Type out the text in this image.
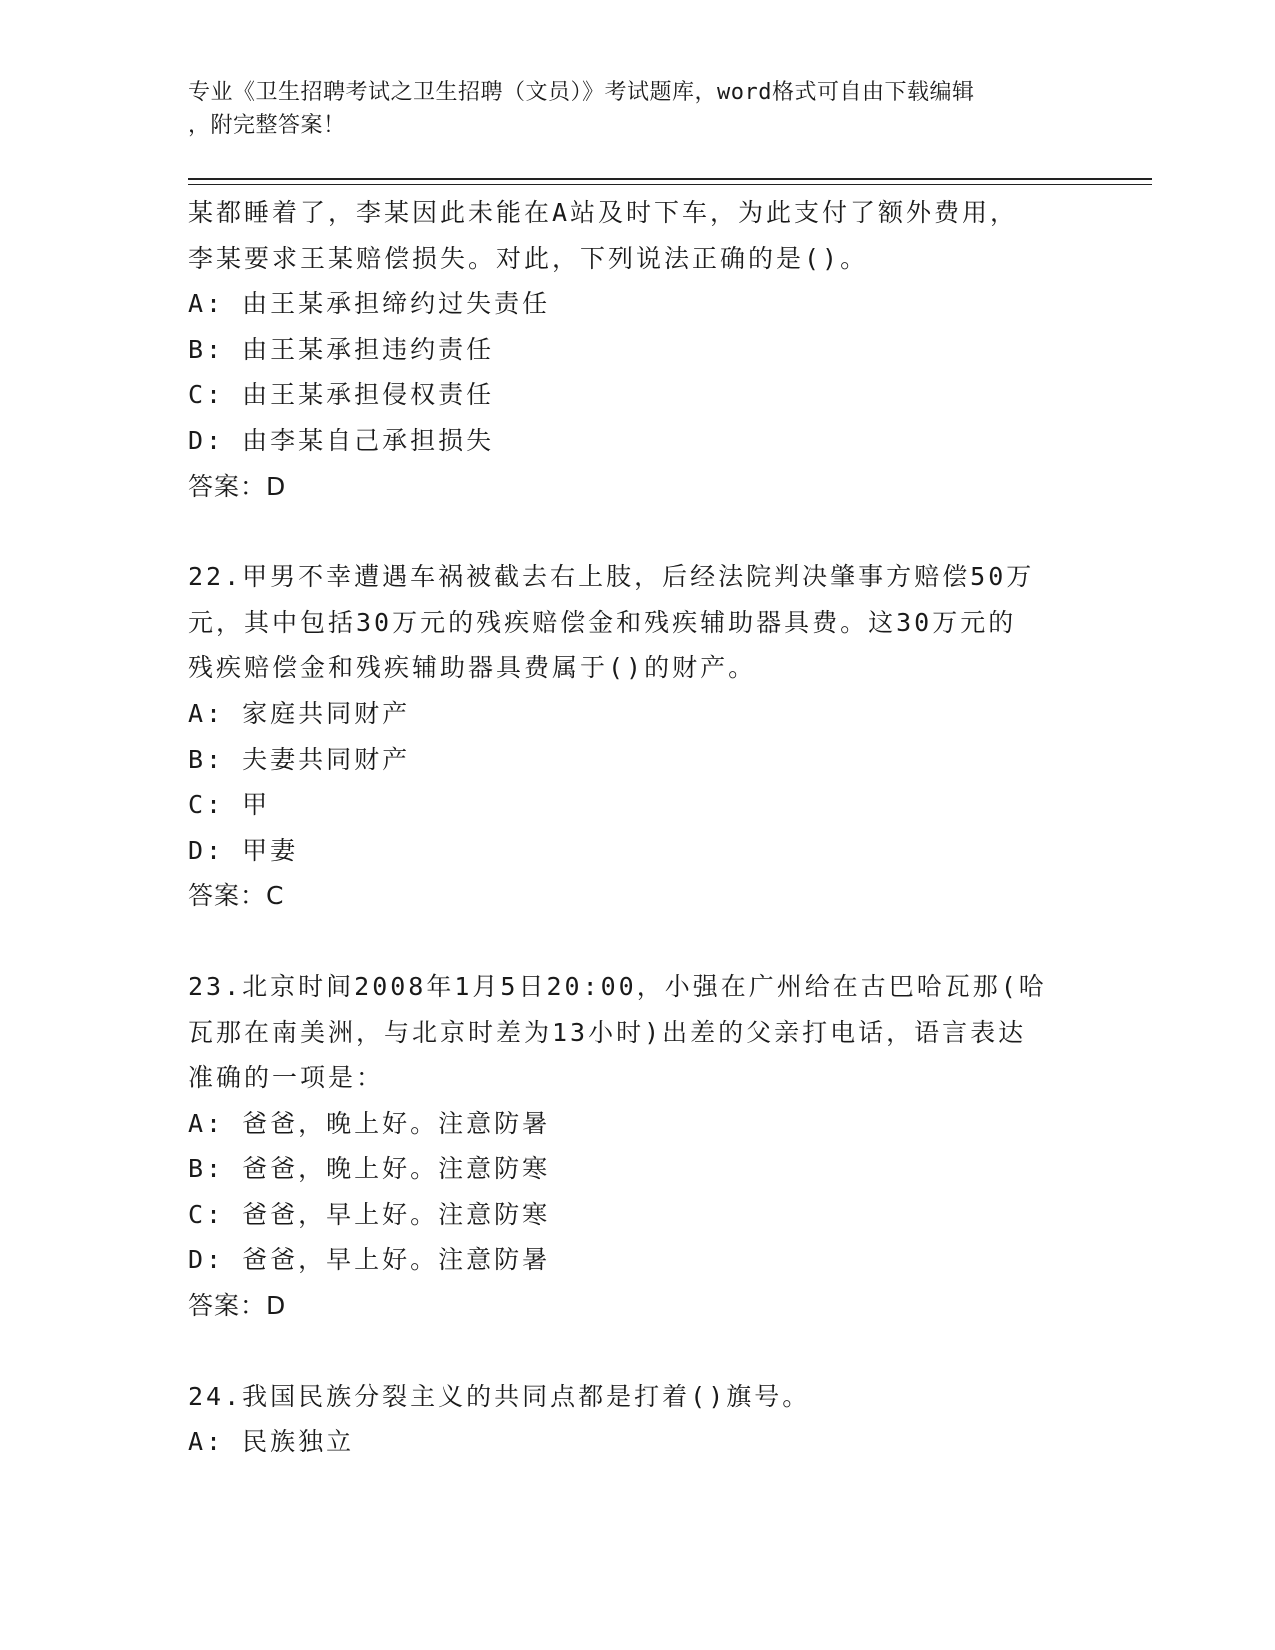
专业《卫生招聘考试之卫生招聘（文员）》考试题库，word格式可自由下载编辑
，附完整答案！
某都睡着了，李某因此未能在A站及时下车，为此支付了额外费用，
李某要求王某赔偿损失。对此，下列说法正确的是()。
A: 由王某承担缔约过失责任
B: 由王某承担违约责任
C: 由王某承担侵权责任
D: 由李某自己承担损失
答案：D
22.甲男不幸遭遇车祸被截去右上肢，后经法院判决肇事方赔偿50万
元，其中包括30万元的残疾赔偿金和残疾辅助器具费。这30万元的
残疾赔偿金和残疾辅助器具费属于()的财产。
A: 家庭共同财产
B: 夫妻共同财产
C: 甲
D: 甲妻
答案：C
23.北京时间2008年1月5日20:00，小强在广州给在古巴哈瓦那(哈
瓦那在南美洲，与北京时差为13小时)出差的父亲打电话，语言表达
准确的一项是：
A: 爸爸，晚上好。注意防暑
B: 爸爸，晚上好。注意防寒
C: 爸爸，早上好。注意防寒
D: 爸爸，早上好。注意防暑
答案：D
24.我国民族分裂主义的共同点都是打着()旗号。
A: 民族独立
